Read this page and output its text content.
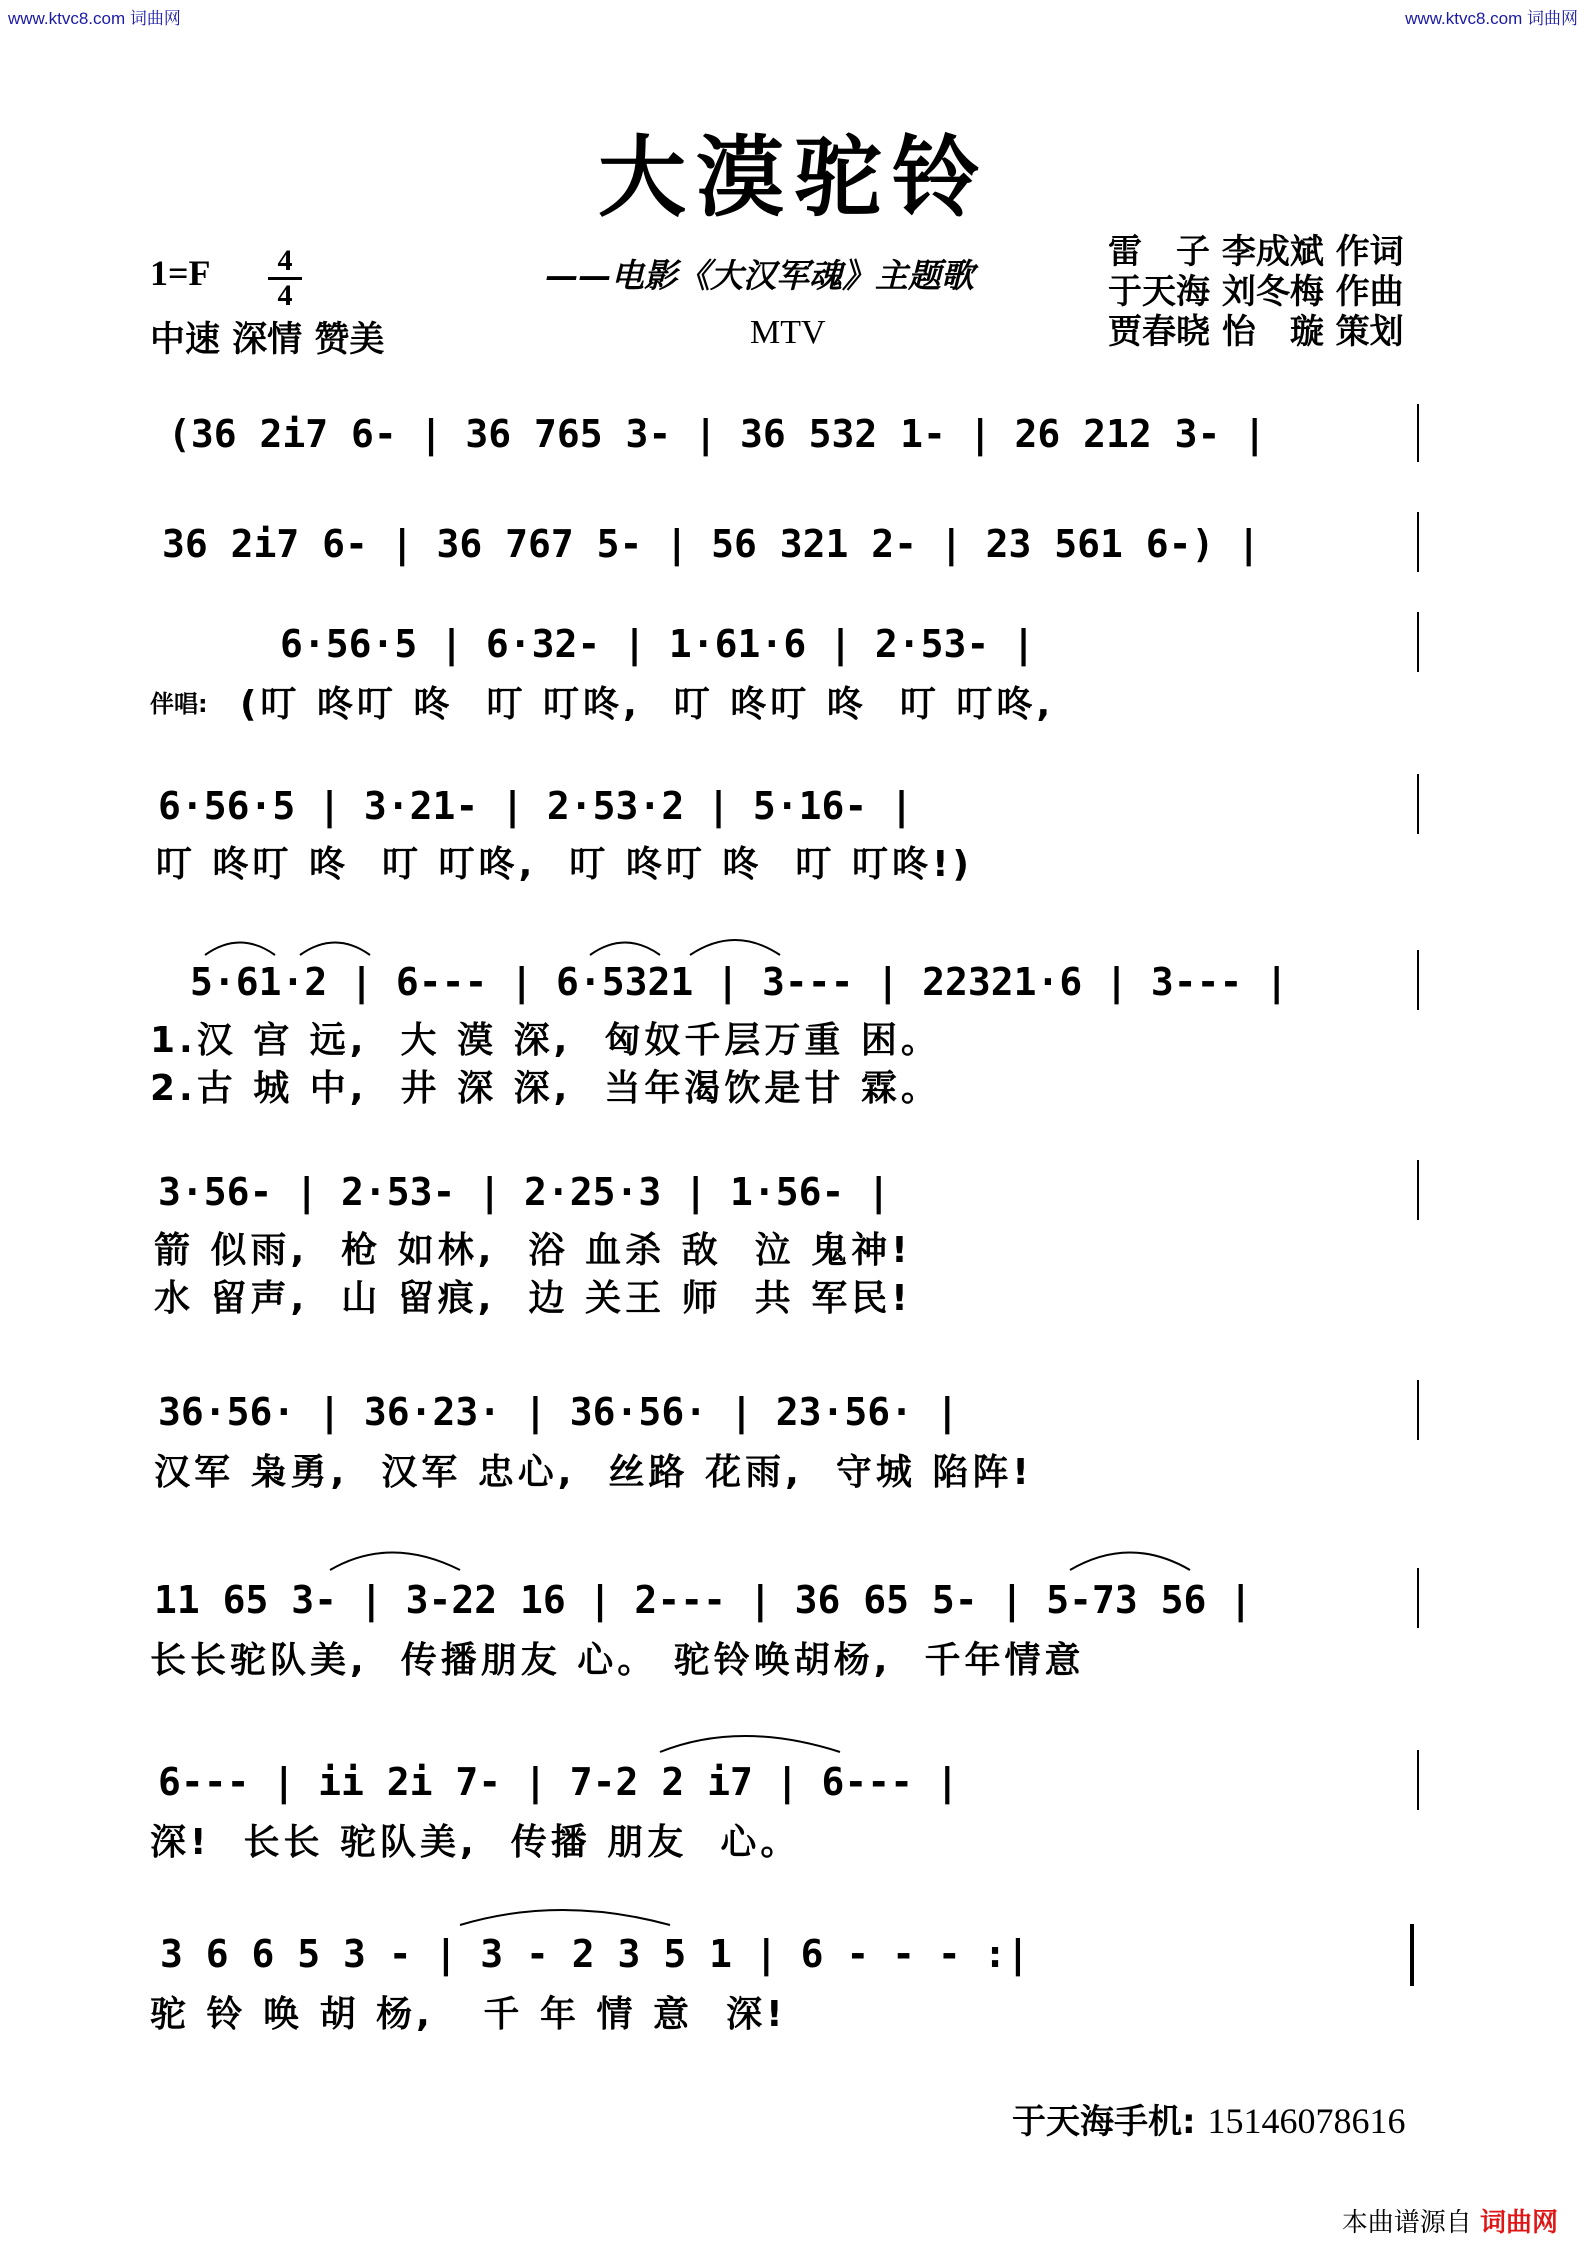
www.ktvc8.com 词曲网	www.ktvc8.com 词曲网
大漠驼铃
1=F	4
4
中速 深情 赞美
——电影《大汉军魂》主题歌
MTV
雷　子 李成斌 作词
于天海 刘冬梅 作曲
贾春晓 怡　璇 策划
(36 2i7 6- | 36 765 3- | 36 532 1- | 26 212 3- |
36 2i7 6- | 36 767 5- | 56 321 2- | 23 561 6-) |
6·56·5 | 6·32- | 1·61·6 | 2·53- |
伴唱: (叮 咚叮 咚  叮 叮咚,  叮 咚叮 咚  叮 叮咚,
6·56·5 | 3·21- | 2·53·2 | 5·16- |
叮 咚叮 咚  叮 叮咚,  叮 咚叮 咚  叮 叮咚!)
5·61·2 | 6--- | 6·5321 | 3--- | 22321·6 | 3--- |
1.汉 宫 远,  大 漠 深,  匈奴千层万重 困。
2.古 城 中,  井 深 深,  当年渴饮是甘 霖。
3·56- | 2·53- | 2·25·3 | 1·56- |
箭 似雨,  枪 如林,  浴 血杀 敌  泣 鬼神!
水 留声,  山 留痕,  边 关王 师  共 军民!
36·56· | 36·23· | 36·56· | 23·56· |
汉军 枭勇,  汉军 忠心,  丝路 花雨,  守城 陷阵!
11 65 3- | 3-22 16 | 2--- | 36 65 5- | 5-73 56 |
长长驼队美,  传播朋友 心。 驼铃唤胡杨,  千年情意
6--- | ii 2i 7- | 7-2 2 i7 | 6--- |
深!  长长 驼队美,  传播 朋友  心。
3 6 6 5 3 - | 3 - 2 3 5 1 | 6 - - - :|
驼 铃 唤 胡 杨,   千 年 情 意  深!
于天海手机: 15146078616
本曲谱源自 词曲网
